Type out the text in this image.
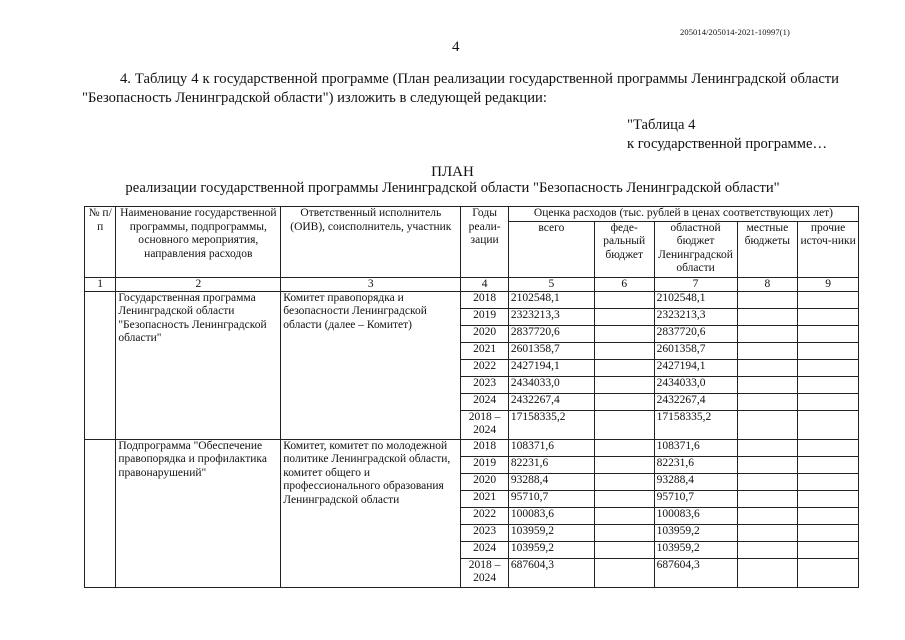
205014/205014-2021-10997(1)
4
4. Таблицу 4 к государственной программе (План реализации государственной программы Ленинградской области "Безопасность Ленинградской области") изложить в следующей редакции:
"Таблица 4
к государственной программе…
ПЛАН
реализации государственной программы Ленинградской области "Безопасность Ленинградской области"
№ п/п	Наименование государственной программы, подпрограммы, основного мероприятия, направления расходов	Ответственный исполнитель (ОИВ), соисполнитель, участник	Годы реали-зации	Оценка расходов (тыс. рублей в ценах соответствующих лет)				
				всего	феде-ральный бюджет	областной бюджет Ленинградской области	местные бюджеты	прочие источ-ники
1	2	3	4	5	6	7	8	9
	Государственная программа Ленинградской области "Безопасность Ленинградской области"	Комитет правопорядка и безопасности Ленинградской области (далее – Комитет)	2018	2102548,1		2102548,1		
			2019	2323213,3		2323213,3		
			2020	2837720,6		2837720,6		
			2021	2601358,7		2601358,7		
			2022	2427194,1		2427194,1		
			2023	2434033,0		2434033,0		
			2024	2432267,4		2432267,4		
			2018 – 2024	17158335,2		17158335,2		
	Подпрограмма "Обеспечение правопорядка и профилактика правонарушений"	Комитет, комитет по молодежной политике Ленинградской области, комитет общего и профессионального образования Ленинградской области	2018	108371,6		108371,6		
			2019	82231,6		82231,6		
			2020	93288,4		93288,4		
			2021	95710,7		95710,7		
			2022	100083,6		100083,6		
			2023	103959,2		103959,2		
			2024	103959,2		103959,2		
			2018 – 2024	687604,3		687604,3		
